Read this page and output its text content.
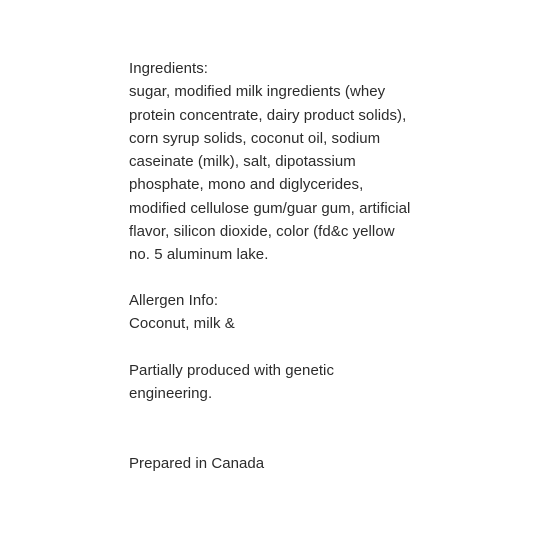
Ingredients:
sugar, modified milk ingredients (whey
protein concentrate, dairy product solids),
corn syrup solids, coconut oil, sodium
caseinate (milk), salt, dipotassium
phosphate, mono and diglycerides,
modified cellulose gum/guar gum, artificial
flavor, silicon dioxide, color (fd&c yellow
no. 5 aluminum lake.
Allergen Info:
Coconut, milk &
Partially produced with genetic
engineering.
Prepared in Canada
